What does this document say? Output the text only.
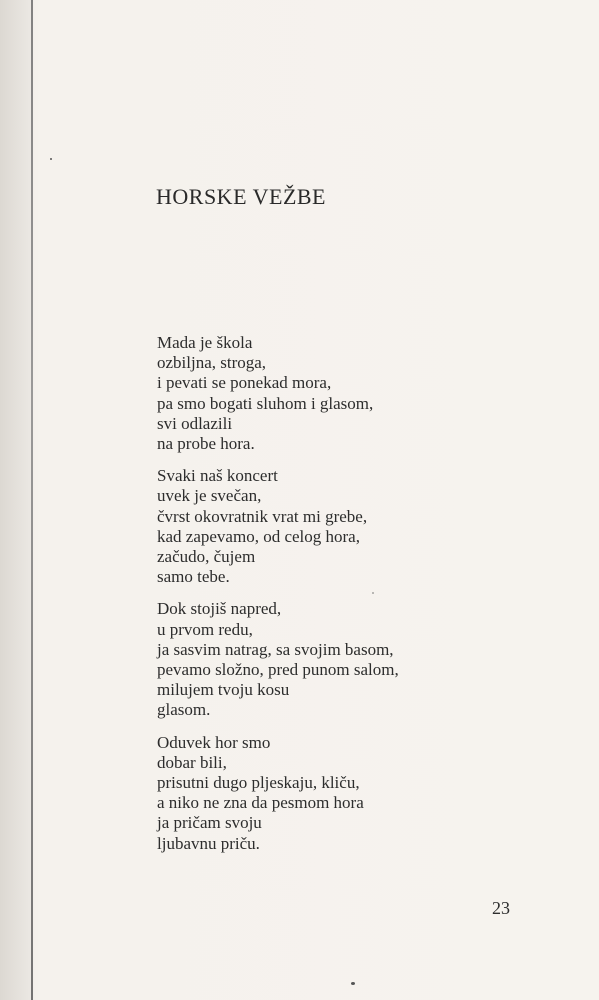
HORSKE VEŽBE
Mada je škola
ozbiljna, stroga,
i pevati se ponekad mora,
pa smo bogati sluhom i glasom,
svi odlazili
na probe hora.
Svaki naš koncert
uvek je svečan,
čvrst okovratnik vrat mi grebe,
kad zapevamo, od celog hora,
začudo, čujem
samo tebe.
Dok stojiš napred,
u prvom redu,
ja sasvim natrag, sa svojim basom,
pevamo složno, pred punom salom,
milujem tvoju kosu
glasom.
Oduvek hor smo
dobar bili,
prisutni dugo pljeskaju, kliču,
a niko ne zna da pesmom hora
ja pričam svoju
ljubavnu priču.
23
